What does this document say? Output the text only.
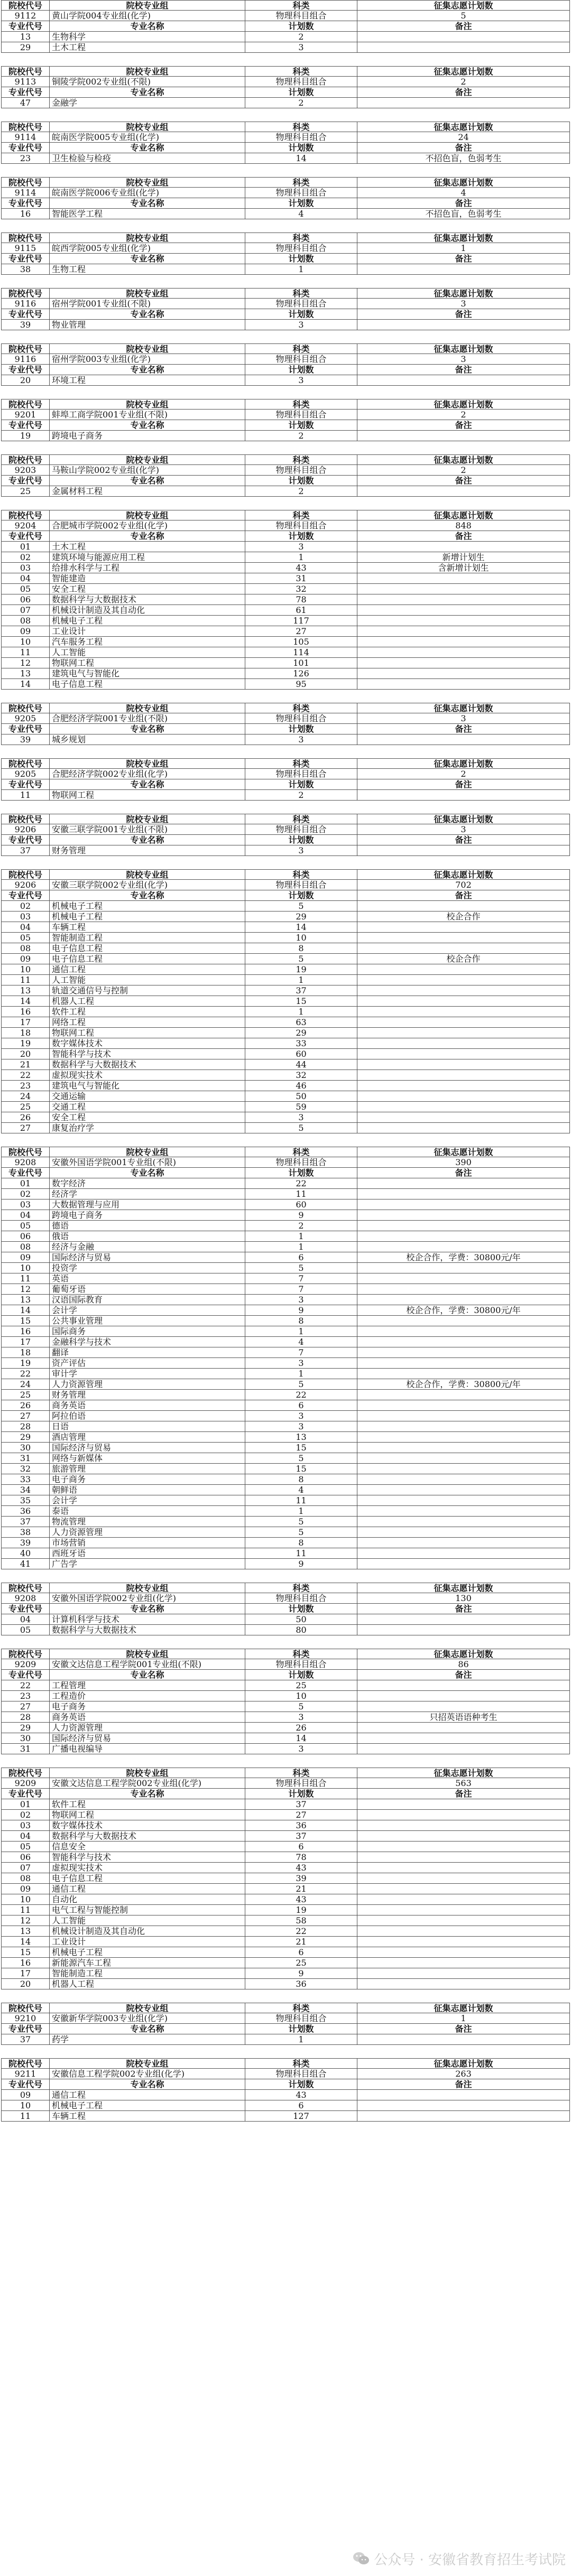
院校代号	院校专业组	科类	征集志愿计划数
9112	黄山学院004专业组(化学)	物理科目组合	5
专业代号	专业名称	计划数	备注
13	生物科学	2
29	土木工程	3
院校代号	院校专业组	科类	征集志愿计划数
9113	铜陵学院002专业组(不限)	物理科目组合	2
专业代号	专业名称	计划数	备注
47	金融学	2
院校代号	院校专业组	科类	征集志愿计划数
9114	皖南医学院005专业组(化学)	物理科目组合	24
专业代号	专业名称	计划数	备注
23	卫生检验与检疫	14	不招色盲，色弱考生
院校代号	院校专业组	科类	征集志愿计划数
9114	皖南医学院006专业组(化学)	物理科目组合	4
专业代号	专业名称	计划数	备注
16	智能医学工程	4	不招色盲，色弱考生
院校代号	院校专业组	科类	征集志愿计划数
9115	皖西学院005专业组(化学)	物理科目组合	1
专业代号	专业名称	计划数	备注
38	生物工程	1
院校代号	院校专业组	科类	征集志愿计划数
9116	宿州学院001专业组(不限)	物理科目组合	3
专业代号	专业名称	计划数	备注
39	物业管理	3
院校代号	院校专业组	科类	征集志愿计划数
9116	宿州学院003专业组(化学)	物理科目组合	3
专业代号	专业名称	计划数	备注
20	环境工程	3
院校代号	院校专业组	科类	征集志愿计划数
9201	蚌埠工商学院001专业组(不限)	物理科目组合	2
专业代号	专业名称	计划数	备注
19	跨境电子商务	2
院校代号	院校专业组	科类	征集志愿计划数
9203	马鞍山学院002专业组(化学)	物理科目组合	2
专业代号	专业名称	计划数	备注
25	金属材料工程	2
院校代号	院校专业组	科类	征集志愿计划数
9204	合肥城市学院002专业组(化学)	物理科目组合	848
专业代号	专业名称	计划数	备注
01	土木工程	3
02	建筑环境与能源应用工程	1	新增计划生
03	给排水科学与工程	43	含新增计划生
04	智能建造	31
05	安全工程	32
06	数据科学与大数据技术	78
07	机械设计制造及其自动化	61
08	机械电子工程	117
09	工业设计	27
10	汽车服务工程	105
11	人工智能	114
12	物联网工程	101
13	建筑电气与智能化	126
14	电子信息工程	95
院校代号	院校专业组	科类	征集志愿计划数
9205	合肥经济学院001专业组(不限)	物理科目组合	3
专业代号	专业名称	计划数	备注
39	城乡规划	3
院校代号	院校专业组	科类	征集志愿计划数
9205	合肥经济学院002专业组(化学)	物理科目组合	2
专业代号	专业名称	计划数	备注
11	物联网工程	2
院校代号	院校专业组	科类	征集志愿计划数
9206	安徽三联学院001专业组(不限)	物理科目组合	3
专业代号	专业名称	计划数	备注
37	财务管理	3
院校代号	院校专业组	科类	征集志愿计划数
9206	安徽三联学院002专业组(化学)	物理科目组合	702
专业代号	专业名称	计划数	备注
02	机械电子工程	5
03	机械电子工程	29	校企合作
04	车辆工程	14
05	智能制造工程	10
08	电子信息工程	8
09	电子信息工程	5	校企合作
10	通信工程	19
11	人工智能	1
13	轨道交通信号与控制	37
14	机器人工程	15
16	软件工程	1
17	网络工程	63
18	物联网工程	29
19	数字媒体技术	33
20	智能科学与技术	60
21	数据科学与大数据技术	44
22	虚拟现实技术	32
23	建筑电气与智能化	46
24	交通运输	50
25	交通工程	59
26	安全工程	3
27	康复治疗学	5
院校代号	院校专业组	科类	征集志愿计划数
9208	安徽外国语学院001专业组(不限)	物理科目组合	390
专业代号	专业名称	计划数	备注
01	数字经济	22
02	经济学	11
03	大数据管理与应用	60
04	跨境电子商务	9
05	德语	2
06	俄语	1
08	经济与金融	1
09	国际经济与贸易	6	校企合作，学费：30800元/年
10	投资学	5
11	英语	7
12	葡萄牙语	7
13	汉语国际教育	3
14	会计学	9	校企合作，学费：30800元/年
15	公共事业管理	8
16	国际商务	1
17	金融科学与技术	4
18	翻译	7
19	资产评估	3
22	审计学	1
24	人力资源管理	5	校企合作，学费：30800元/年
25	财务管理	22
26	商务英语	6
27	阿拉伯语	3
28	日语	3
29	酒店管理	13
30	国际经济与贸易	15
31	网络与新媒体	5
32	旅游管理	15
33	电子商务	8
34	朝鲜语	4
35	会计学	11
36	泰语	1
37	物流管理	5
38	人力资源管理	5
39	市场营销	8
40	西班牙语	11
41	广告学	9
院校代号	院校专业组	科类	征集志愿计划数
9208	安徽外国语学院002专业组(化学)	物理科目组合	130
专业代号	专业名称	计划数	备注
04	计算机科学与技术	50
05	数据科学与大数据技术	80
院校代号	院校专业组	科类	征集志愿计划数
9209	安徽文达信息工程学院001专业组(不限)	物理科目组合	86
专业代号	专业名称	计划数	备注
22	工程管理	25
23	工程造价	10
27	电子商务	5
28	商务英语	3	只招英语语种考生
29	人力资源管理	26
30	国际经济与贸易	14
31	广播电视编导	3
院校代号	院校专业组	科类	征集志愿计划数
9209	安徽文达信息工程学院002专业组(化学)	物理科目组合	563
专业代号	专业名称	计划数	备注
01	软件工程	37
02	物联网工程	27
03	数字媒体技术	36
04	数据科学与大数据技术	37
05	信息安全	6
06	智能科学与技术	78
07	虚拟现实技术	43
08	电子信息工程	39
09	通信工程	21
10	自动化	43
11	电气工程与智能控制	19
12	人工智能	58
13	机械设计制造及其自动化	22
14	工业设计	21
15	机械电子工程	6
16	新能源汽车工程	25
17	智能制造工程	9
20	机器人工程	36
院校代号	院校专业组	科类	征集志愿计划数
9210	安徽新华学院003专业组(化学)	物理科目组合	1
专业代号	专业名称	计划数	备注
37	药学	1
院校代号	院校专业组	科类	征集志愿计划数
9211	安徽信息工程学院002专业组(化学)	物理科目组合	263
专业代号	专业名称	计划数	备注
09	通信工程	43
10	机械电子工程	6
11	车辆工程	127
公众号 · 安徽省教育招生考试院
